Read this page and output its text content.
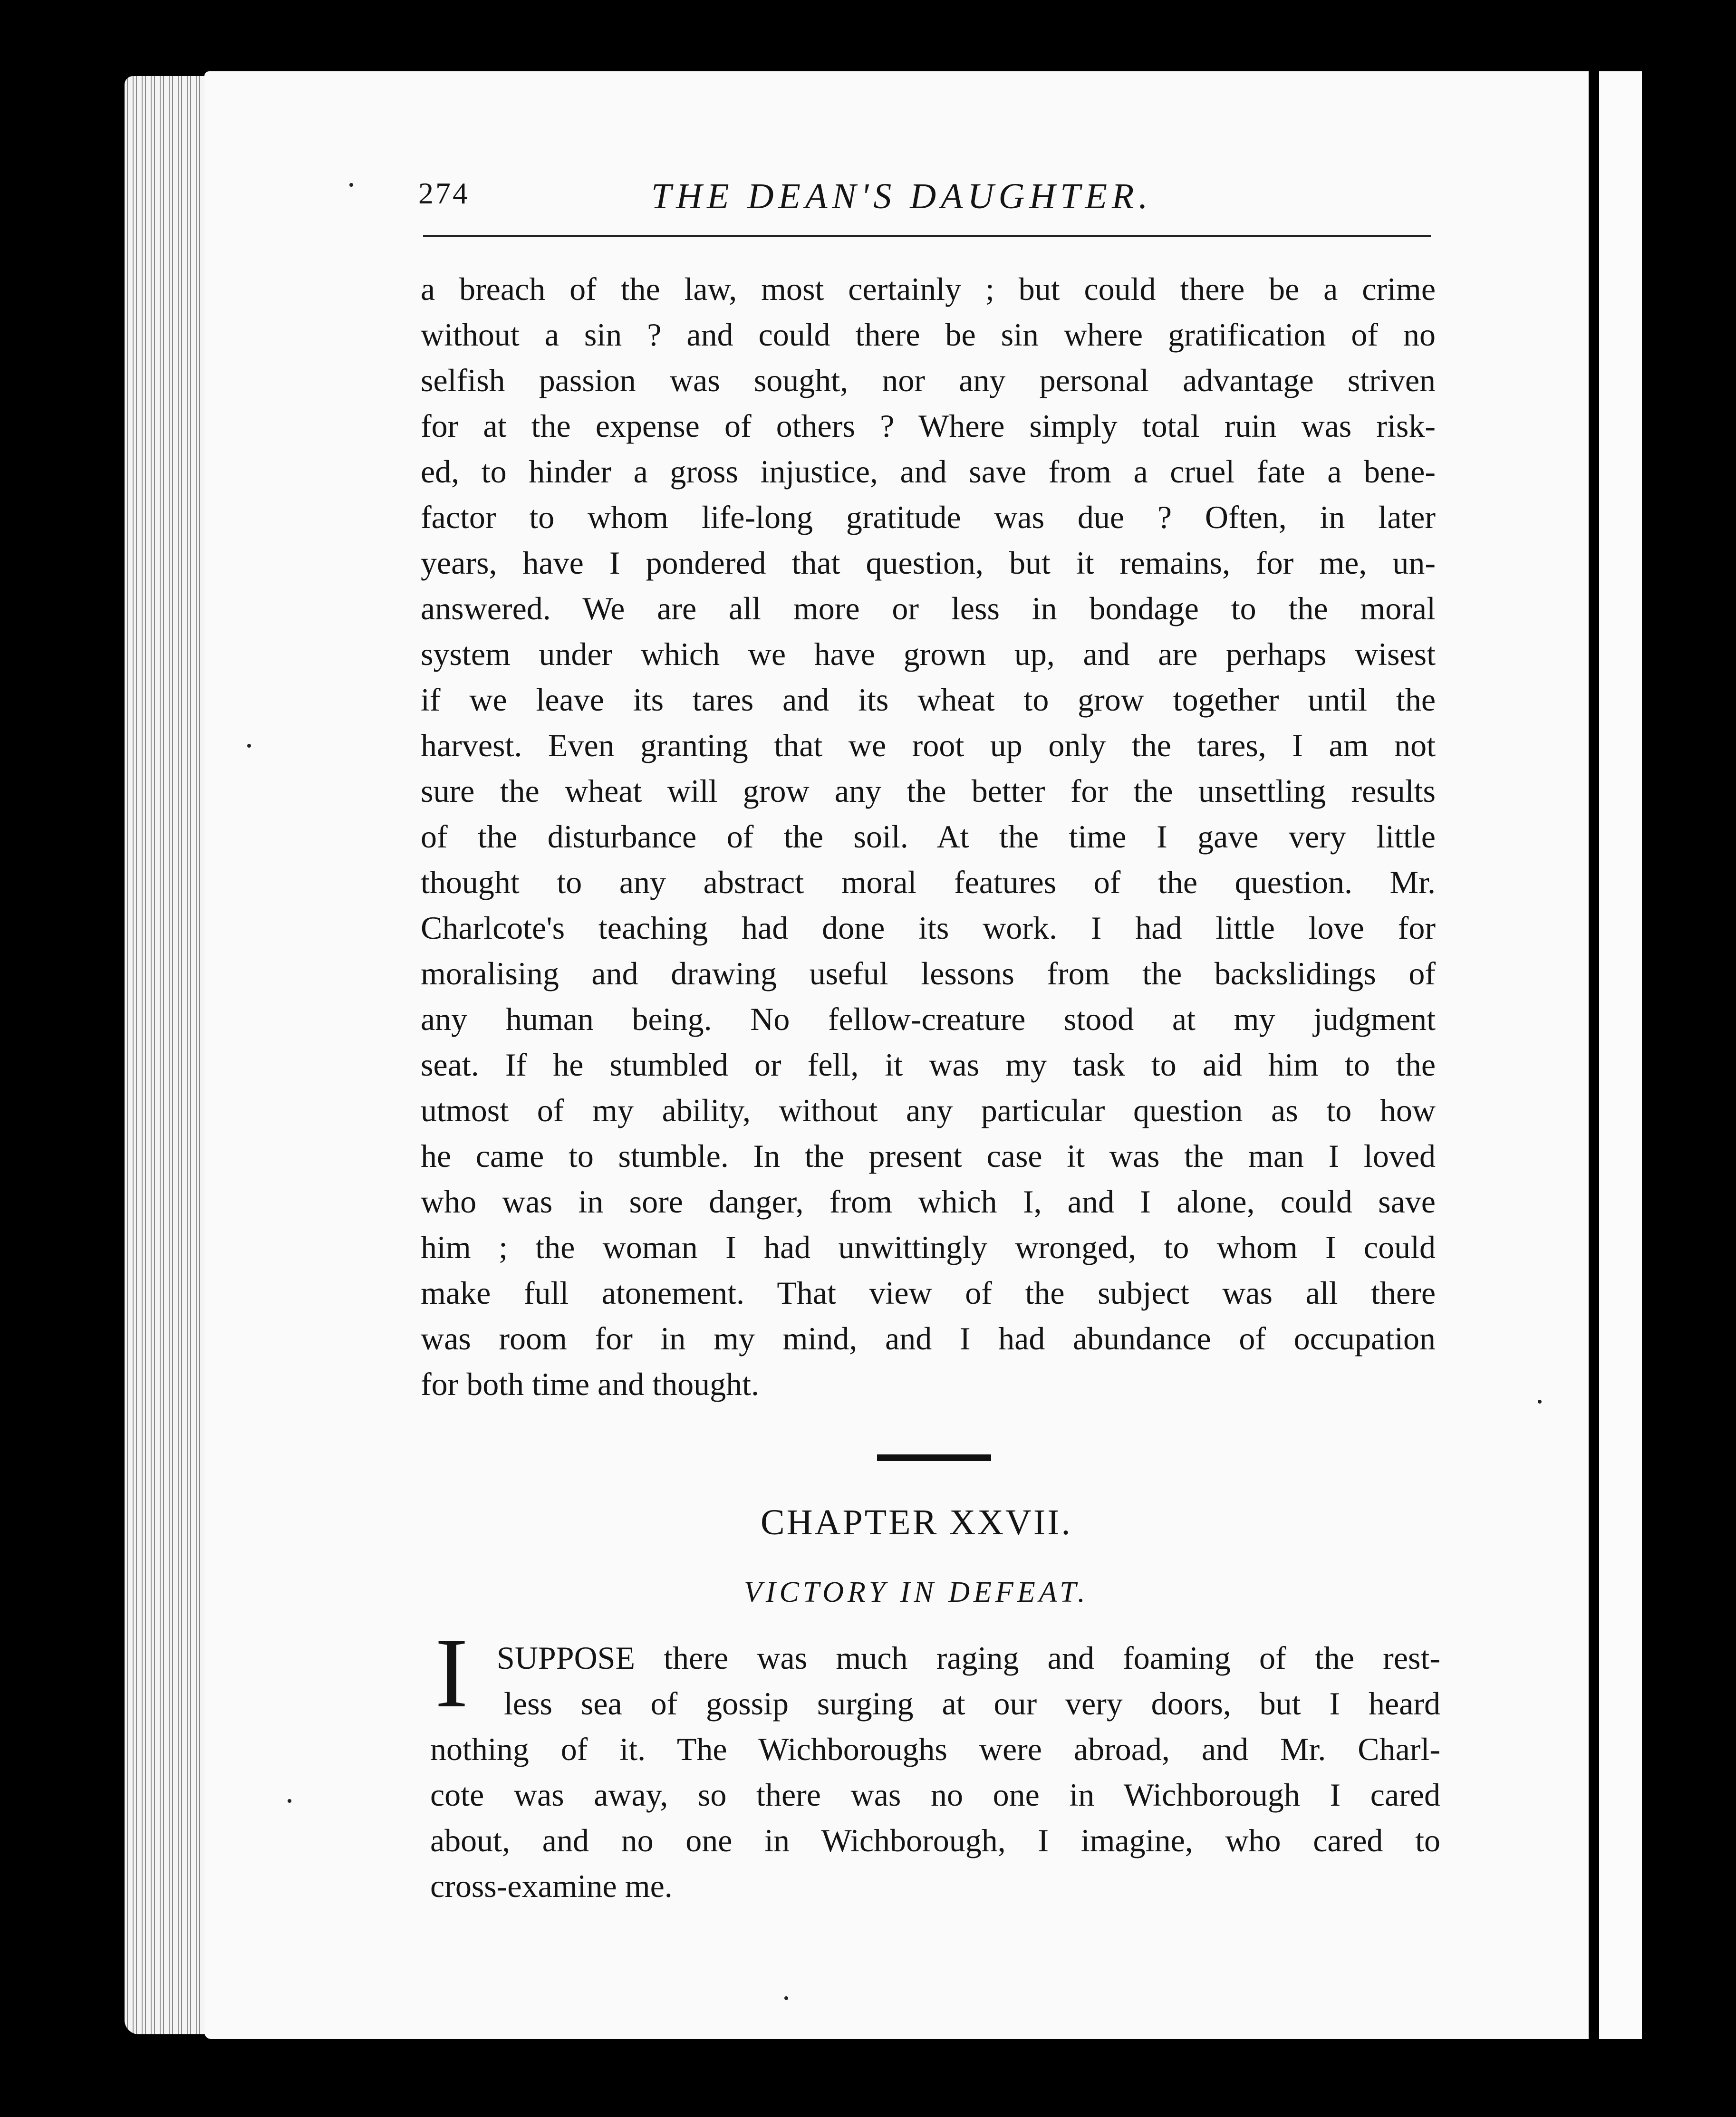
274	THE DEAN'S DAUGHTER.
a breach of the law, most certainly ; but could there be a crime
without a sin ? and could there be sin where gratification of no
selfish passion was sought, nor any personal advantage striven
for at the expense of others ? Where simply total ruin was risk-
ed, to hinder a gross injustice, and save from a cruel fate a bene-
factor to whom life-long gratitude was due ? Often, in later
years, have I pondered that question, but it remains, for me, un-
answered. We are all more or less in bondage to the moral
system under which we have grown up, and are perhaps wisest
if we leave its tares and its wheat to grow together until the
harvest. Even granting that we root up only the tares, I am not
sure the wheat will grow any the better for the unsettling results
of the disturbance of the soil. At the time I gave very little
thought to any abstract moral features of the question. Mr.
Charlcote's teaching had done its work. I had little love for
moralising and drawing useful lessons from the backslidings of
any human being. No fellow-creature stood at my judgment
seat. If he stumbled or fell, it was my task to aid him to the
utmost of my ability, without any particular question as to how
he came to stumble. In the present case it was the man I loved
who was in sore danger, from which I, and I alone, could save
him ; the woman I had unwittingly wronged, to whom I could
make full atonement. That view of the subject was all there
was room for in my mind, and I had abundance of occupation
for both time and thought.
CHAPTER XXVII.
VICTORY IN DEFEAT.
I SUPPOSE there was much raging and foaming of the rest-
less sea of gossip surging at our very doors, but I heard
nothing of it. The Wichboroughs were abroad, and Mr. Charl-
cote was away, so there was no one in Wichborough I cared
about, and no one in Wichborough, I imagine, who cared to
cross-examine me.
